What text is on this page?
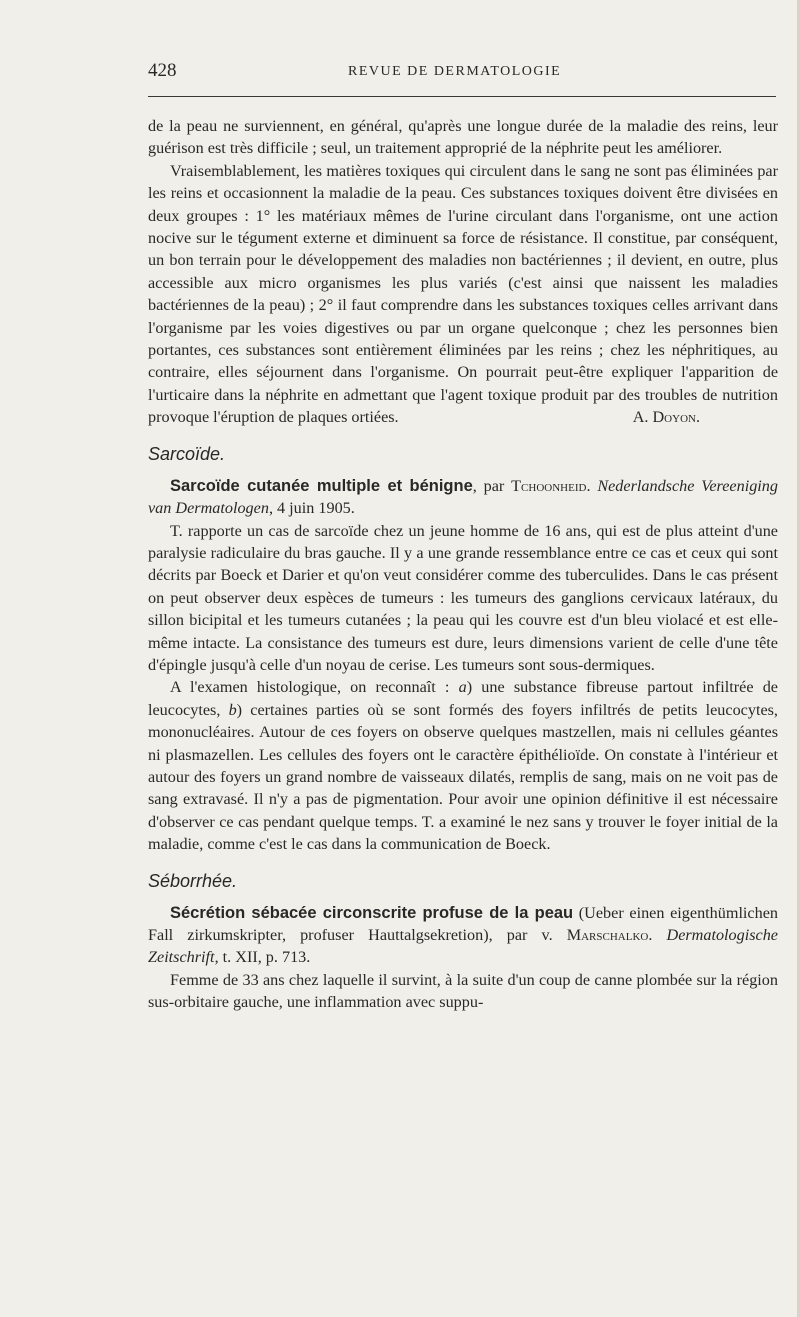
428	REVUE DE DERMATOLOGIE

de la peau ne surviennent, en général, qu'après une longue durée de la maladie des reins, leur guérison est très difficile ; seul, un traitement approprié de la néphrite peut les améliorer.

Vraisemblablement, les matières toxiques qui circulent dans le sang ne sont pas éliminées par les reins et occasionnent la maladie de la peau. Ces substances toxiques doivent être divisées en deux groupes : 1° les matériaux mêmes de l'urine circulant dans l'organisme, ont une action nocive sur le tégument externe et diminuent sa force de résistance. Il constitue, par conséquent, un bon terrain pour le développement des maladies non bactériennes ; il devient, en outre, plus accessible aux micro organismes les plus variés (c'est ainsi que naissent les maladies bactériennes de la peau) ; 2° il faut comprendre dans les substances toxiques celles arrivant dans l'organisme par les voies digestives ou par un organe quelconque ; chez les personnes bien portantes, ces substances sont entièrement éliminées par les reins ; chez les néphritiques, au contraire, elles séjournent dans l'organisme. On pourrait peut-être expliquer l'apparition de l'urticaire dans la néphrite en admettant que l'agent toxique produit par des troubles de nutrition provoque l'éruption de plaques ortiées.	A. Doyon.

Sarcoïde.

Sarcoïde cutanée multiple et bénigne, par Tchoonheid. Nederlandsche Vereeniging van Dermatologen, 4 juin 1905.

T. rapporte un cas de sarcoïde chez un jeune homme de 16 ans, qui est de plus atteint d'une paralysie radiculaire du bras gauche. Il y a une grande ressemblance entre ce cas et ceux qui sont décrits par Boeck et Darier et qu'on veut considérer comme des tuberculides. Dans le cas présent on peut observer deux espèces de tumeurs : les tumeurs des ganglions cervicaux latéraux, du sillon bicipital et les tumeurs cutanées ; la peau qui les couvre est d'un bleu violacé et est elle-même intacte. La consistance des tumeurs est dure, leurs dimensions varient de celle d'une tête d'épingle jusqu'à celle d'un noyau de cerise. Les tumeurs sont sous-dermiques.

A l'examen histologique, on reconnaît : a) une substance fibreuse partout infiltrée de leucocytes, b) certaines parties où se sont formés des foyers infiltrés de petits leucocytes, mononucléaires. Autour de ces foyers on observe quelques mastzellen, mais ni cellules géantes ni plasmazellen. Les cellules des foyers ont le caractère épithélioïde. On constate à l'intérieur et autour des foyers un grand nombre de vaisseaux dilatés, remplis de sang, mais on ne voit pas de sang extravasé. Il n'y a pas de pigmentation. Pour avoir une opinion définitive il est nécessaire d'observer ce cas pendant quelque temps. T. a examiné le nez sans y trouver le foyer initial de la maladie, comme c'est le cas dans la communication de Boeck.

Séborrhée.

Sécrétion sébacée circonscrite profuse de la peau (Ueber einen eigenthümlichen Fall zirkumskripter, profuser Hauttalgsekretion), par v. Marschalko. Dermatologische Zeitschrift, t. XII, p. 713.

Femme de 33 ans chez laquelle il survint, à la suite d'un coup de canne plombée sur la région sus-orbitaire gauche, une inflammation avec suppu-
